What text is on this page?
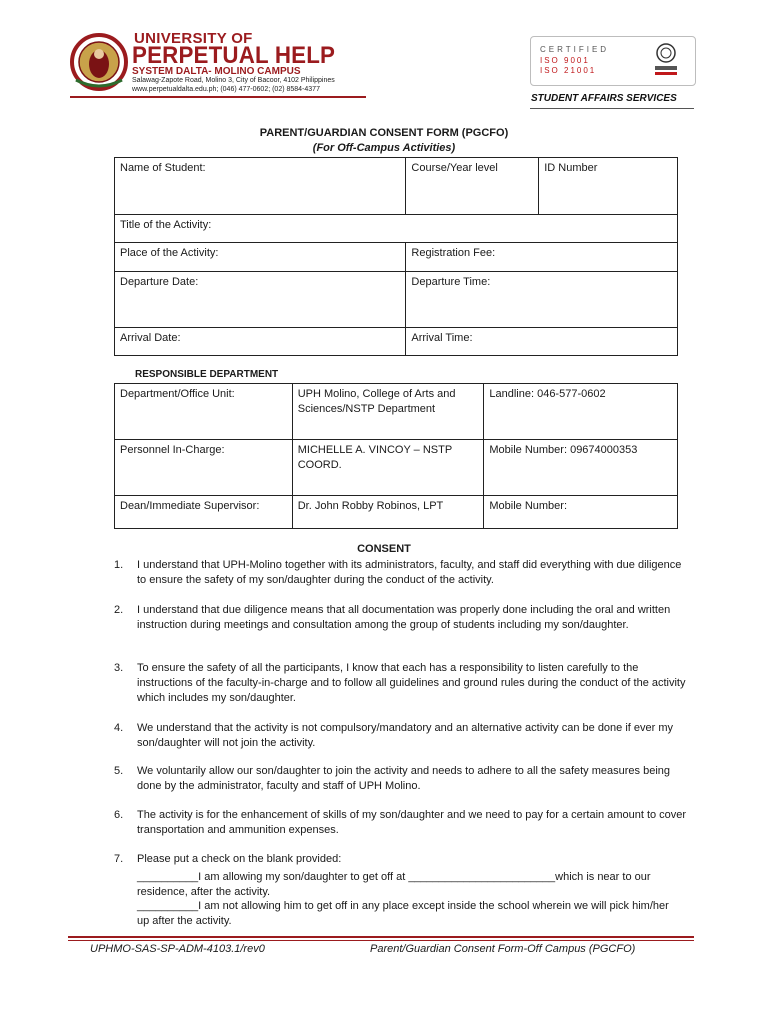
UNIVERSITY OF
PERPETUAL HELP
SYSTEM DALTA- MOLINO CAMPUS
Salawag-Zapote Road, Molino 3, City of Bacoor, 4102 Philippines
www.perpetualdalta.edu.ph; (046) 477-0602; (02) 8584-4377
CERTIFIED
ISO 9001
ISO 21001
STUDENT AFFAIRS SERVICES
PARENT/GUARDIAN CONSENT FORM (PGCFO)
(For Off-Campus Activities)
Name of Student:	Course/Year level	ID Number
Title of the Activity:		
Place of the Activity:	Registration Fee:	
Departure Date:	Departure Time:	
Arrival Date:	Arrival Time:	
RESPONSIBLE DEPARTMENT
Department/Office Unit:	UPH Molino, College of Arts and Sciences/NSTP Department	Landline: 046-577-0602
Personnel In-Charge:	MICHELLE A. VINCOY – NSTP COORD.	Mobile Number: 09674000353
Dean/Immediate Supervisor:	Dr. John Robby Robinos, LPT	Mobile Number:
CONSENT
1. I understand that UPH-Molino together with its administrators, faculty, and staff did everything with due diligence to ensure the safety of my son/daughter during the conduct of the activity.
2. I understand that due diligence means that all documentation was properly done including the oral and written instruction during meetings and consultation among the group of students including my son/daughter.
3. To ensure the safety of all the participants, I know that each has a responsibility to listen carefully to the instructions of the faculty-in-charge and to follow all guidelines and ground rules during the conduct of the activity which includes my son/daughter.
4. We understand that the activity is not compulsory/mandatory and an alternative activity can be done if ever my son/daughter will not join the activity.
5. We voluntarily allow our son/daughter to join the activity and needs to adhere to all the safety measures being done by the administrator, faculty and staff of UPH Molino.
6. The activity is for the enhancement of skills of my son/daughter and we need to pay for a certain amount to cover transportation and ammunition expenses.
7. Please put a check on the blank provided:
__________I am allowing my son/daughter to get off at ________________________which is near to our residence, after the activity.
__________I am not allowing him to get off in any place except inside the school wherein we will pick him/her up after the activity.
UPHMO-SAS-SP-ADM-4103.1/rev0	Parent/Guardian Consent Form-Off Campus (PGCFO)
